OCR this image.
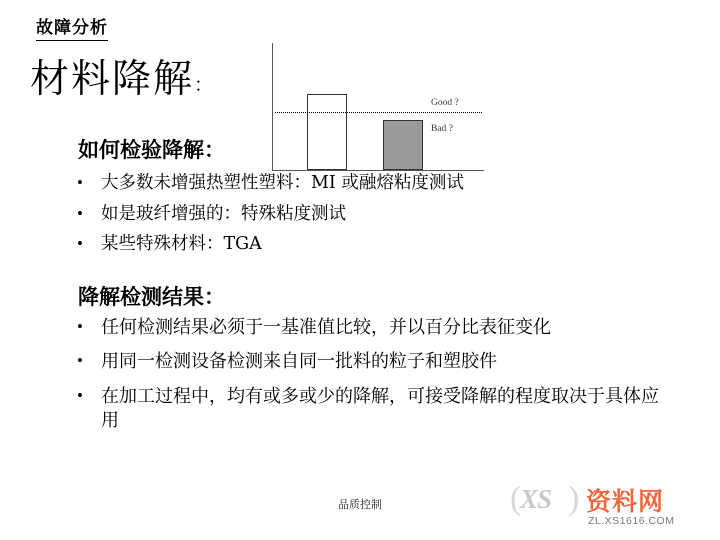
故障分析
材料降解 ：
Good ?
Bad ?
如何检验降解：
•	大多数未增强热塑性塑料：MI 或融熔粘度测试
•	如是玻纤增强的：特殊粘度测试
•	某些特殊材料：TGA
降解检测结果：
•	任何检测结果必须于一基准值比较，并以百分比表征变化
•	用同一检测设备检测来自同一批料的粒子和塑胶件
•	在加工过程中，均有或多或少的降解，可接受降解的程度取决于具体应用
品质控制	(
XS ) 资料网
ZL.XS1616.COM
